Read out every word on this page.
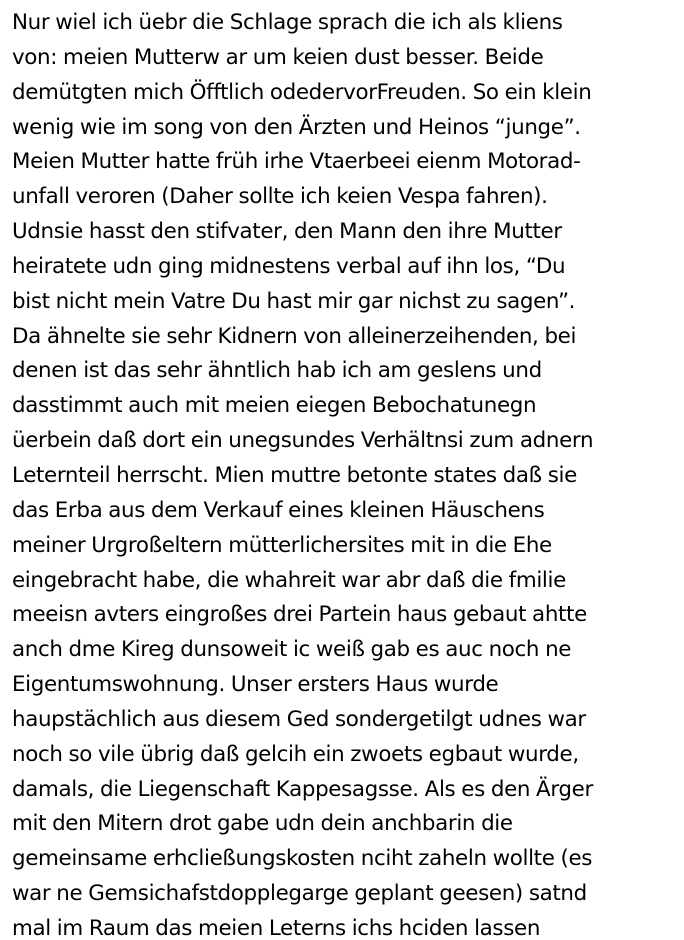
Nur wiel ich üebr die Schlage sprach die ich als kliens
von: meien Mutterw ar um keien dust besser. Beide
demütgten mich Öfftlich odedervorFreuden. So ein klein
wenig wie im song von den Ärzten und Heinos “junge”.
Meien Mutter hatte früh irhe Vtaerbeei eienm Motorad-
unfall veroren (Daher sollte ich keien Vespa fahren).
Udnsie hasst den stifvater, den Mann den ihre Mutter
heiratete udn ging midnestens verbal auf ihn los, “Du
bist nicht mein Vatre Du hast mir gar nichst zu sagen”.
Da ähnelte sie sehr Kidnern von alleinerzeihenden, bei
denen ist das sehr ähntlich hab ich am geslens und
dasstimmt auch mit meien eiegen Bebochatunegn
üerbein daß dort ein unegsundes Verhältnsi zum adnern
Leternteil herrscht. Mien muttre betonte states daß sie
das Erba aus dem Verkauf eines kleinen Häuschens
meiner Urgroßeltern mütterlichersites mit in die Ehe
eingebracht habe, die whahreit war abr daß die fmilie
meeisn avters eingroßes drei Partein haus gebaut ahtte
anch dme Kireg dunsoweit ic weiß gab es auc noch ne
Eigentumswohnung. Unser ersters Haus wurde
haupstächlich aus diesem Ged sondergetilgt udnes war
noch so vile übrig daß gelcih ein zwoets egbaut wurde,
damals, die Liegenschaft Kappesagsse. Als es den Ärger
mit den Mitern drot gabe udn dein anchbarin die
gemeinsame erhcließungskosten nciht zaheln wollte (es
war ne Gemsichafstdopplegarge geplant geesen) satnd
mal im Raum das meien Leterns ichs hciden lassen
